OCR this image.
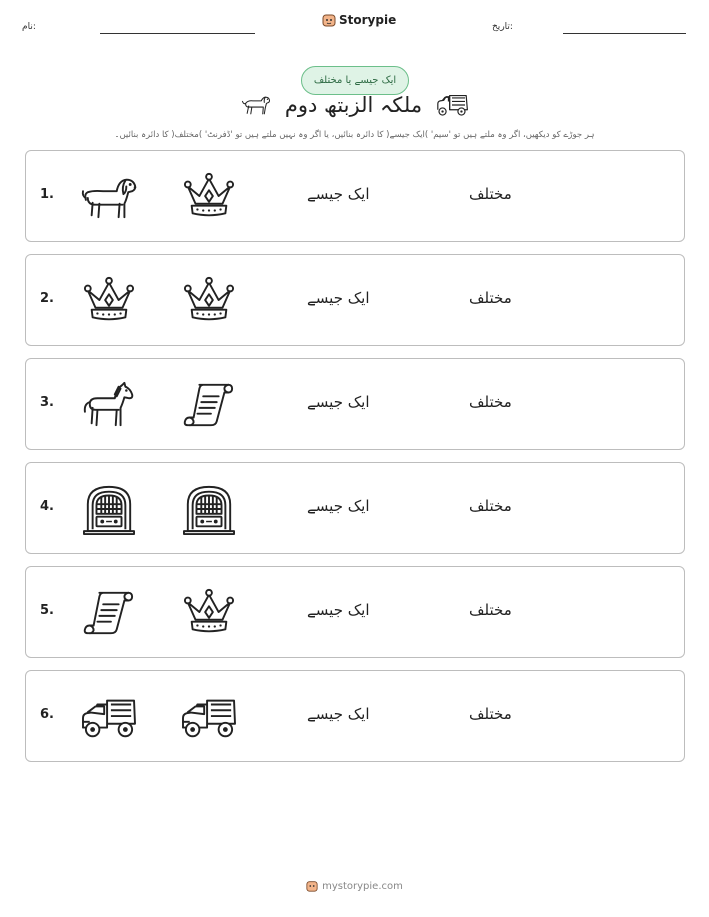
نام:	Storypie	تاریخ:
ایک جیسے یا مختلف
ملکہ الزبتھ دوم
ہر جوڑے کو دیکھیں، اگر وہ ملتے ہیں تو 'سیم' )ایک جیسے( کا دائرہ بنائیں، یا اگر وہ نہیں ملتے ہیں تو 'ڈفرنٹ' )مختلف( کا دائرہ بنائیں۔
1.	ایک جیسے	مختلف
2.	ایک جیسے	مختلف
3.	ایک جیسے	مختلف
4.	ایک جیسے	مختلف
5.	ایک جیسے	مختلف
6.	ایک جیسے	مختلف
mystorypie.com
